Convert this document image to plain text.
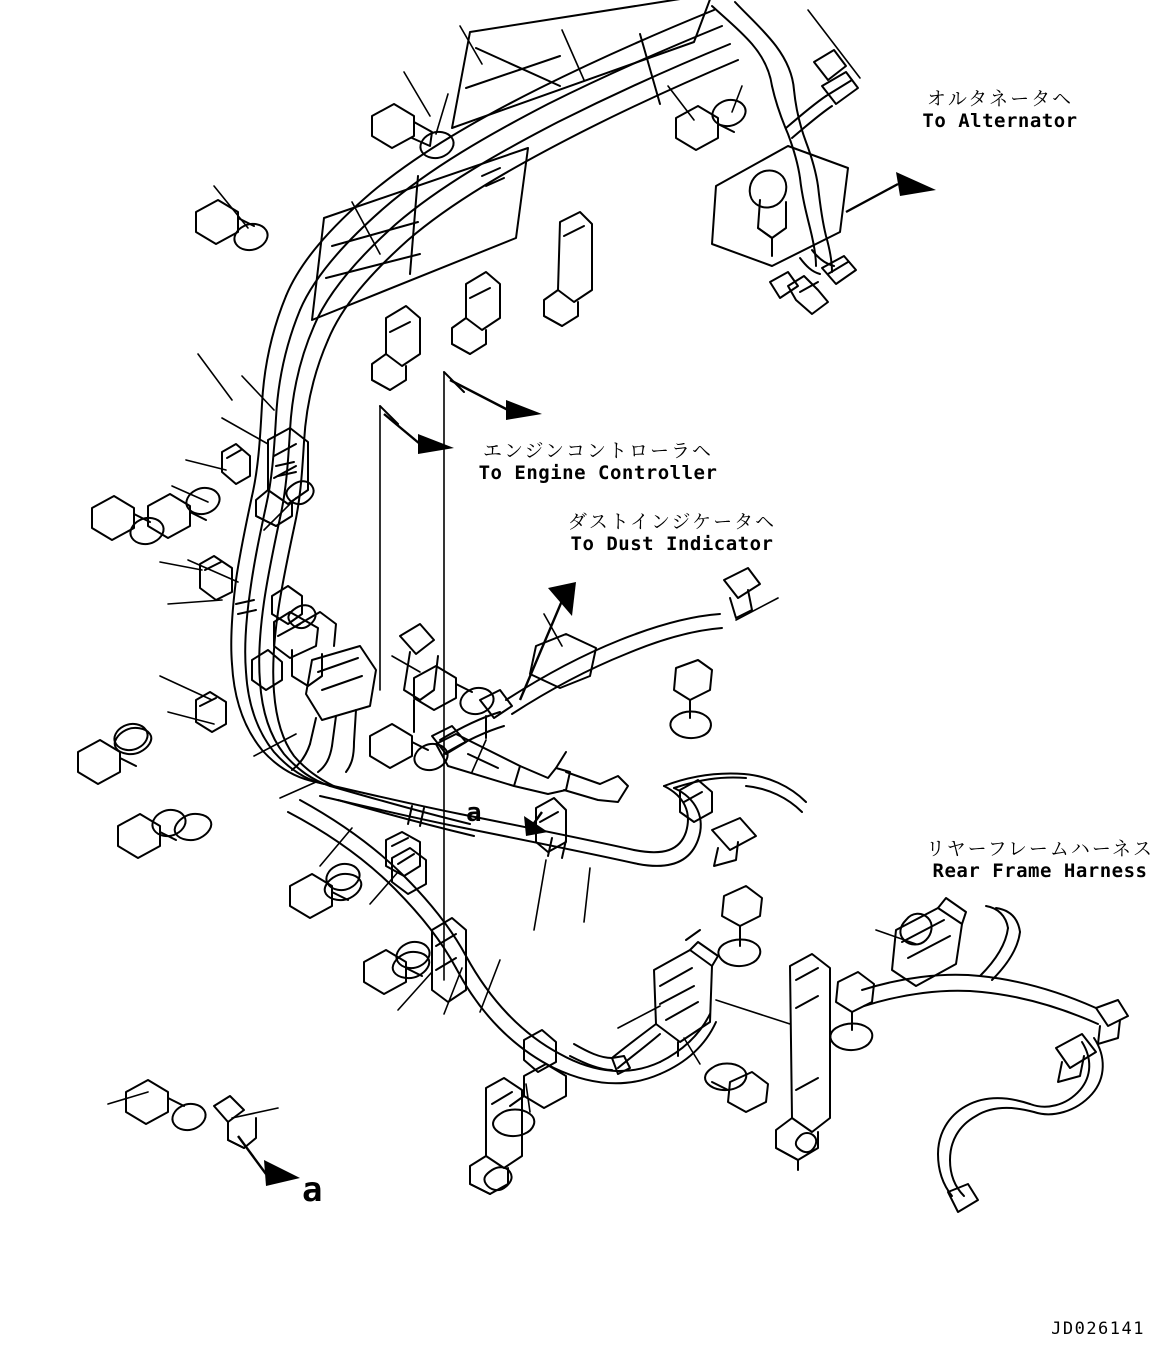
オルタネータヘ
To Alternator
エンジンコントローラヘ
To Engine Controller
ダストインジケータヘ
To Dust Indicator
リヤーフレームハーネス
Rear Frame Harness
a
a
JD026141
